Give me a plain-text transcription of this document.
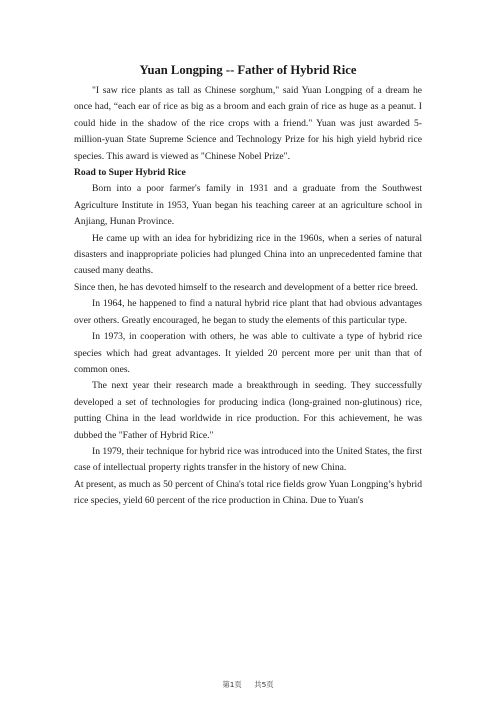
Yuan Longping -- Father of Hybrid Rice

"I saw rice plants as tall as Chinese sorghum," said Yuan Longping of a dream he once had, “each ear of rice as big as a broom and each grain of rice as huge as a peanut. I could hide in the shadow of the rice crops with a friend." Yuan was just awarded 5-million-yuan State Supreme Science and Technology Prize for his high yield hybrid rice species. This award is viewed as "Chinese Nobel Prize".

Road to Super Hybrid Rice

Born into a poor farmer's family in 1931 and a graduate from the Southwest Agriculture Institute in 1953, Yuan began his teaching career at an agriculture school in Anjiang, Hunan Province.

He came up with an idea for hybridizing rice in the 1960s, when a series of natural disasters and inappropriate policies had plunged China into an unprecedented famine that caused many deaths.

Since then, he has devoted himself to the research and development of a better rice breed.

In 1964, he happened to find a natural hybrid rice plant that had obvious advantages over others. Greatly encouraged, he began to study the elements of this particular type.

In 1973, in cooperation with others, he was able to cultivate a type of hybrid rice species which had great advantages. It yielded 20 percent more per unit than that of common ones.

The next year their research made a breakthrough in seeding. They successfully developed a set of technologies for producing indica (long-grained non-glutinous) rice, putting China in the lead worldwide in rice production. For this achievement, he was dubbed the "Father of Hybrid Rice."

In 1979, their technique for hybrid rice was introduced into the United States, the first case of intellectual property rights transfer in the history of new China.

At present, as much as 50 percent of China's total rice fields grow Yuan Longping’s hybrid rice species, yield 60 percent of the rice production in China. Due to Yuan's

第1页 共5页
